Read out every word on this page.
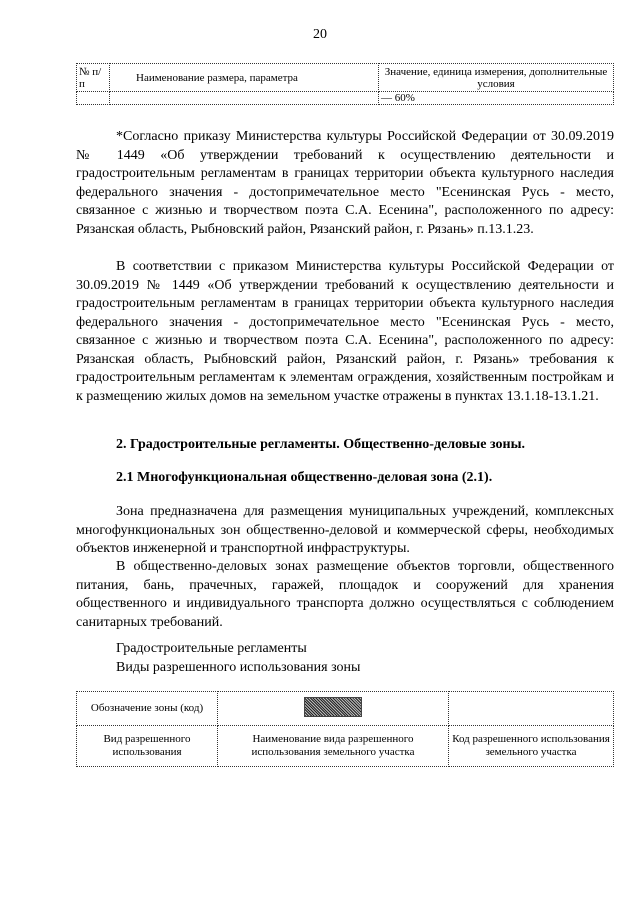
20
№ п/п	Наименование размера, параметра	Значение, единица измерения, дополнительные условия
		— 60%

*Согласно приказу Министерства культуры Российской Федерации от 30.09.2019 № 1449 «Об утверждении требований к осуществлению деятельности и градостроительным регламентам в границах территории объекта культурного наследия федерального значения - достопримечательное место "Есенинская Русь - место, связанное с жизнью и творчеством поэта С.А. Есенина", расположенного по адресу: Рязанская область, Рыбновский район, Рязанский район, г. Рязань» п.13.1.23.

В соответствии с приказом Министерства культуры Российской Федерации от 30.09.2019 № 1449 «Об утверждении требований к осуществлению деятельности и градостроительным регламентам в границах территории объекта культурного наследия федерального значения - достопримечательное место "Есенинская Русь - место, связанное с жизнью и творчеством поэта С.А. Есенина", расположенного по адресу: Рязанская область, Рыбновский район, Рязанский район, г. Рязань» требования к градостроительным регламентам к элементам ограждения, хозяйственным постройкам и к размещению жилых домов на земельном участке отражены в пунктах 13.1.18-13.1.21.

2. Градостроительные регламенты. Общественно-деловые зоны.
2.1 Многофункциональная общественно-деловая зона (2.1).

Зона предназначена для размещения муниципальных учреждений, комплексных многофункциональных зон общественно-деловой и коммерческой сферы, необходимых объектов инженерной и транспортной инфраструктуры.

В общественно-деловых зонах размещение объектов торговли, общественного питания, бань, прачечных, гаражей, площадок и сооружений для хранения общественного и индивидуального транспорта должно осуществляться с соблюдением санитарных требований.

Градостроительные регламенты
Виды разрешенного использования зоны
Обозначение зоны (код)		
Вид разрешенного использования	Наименование вида разрешенного использования земельного участка	Код разрешенного использования земельного участка
